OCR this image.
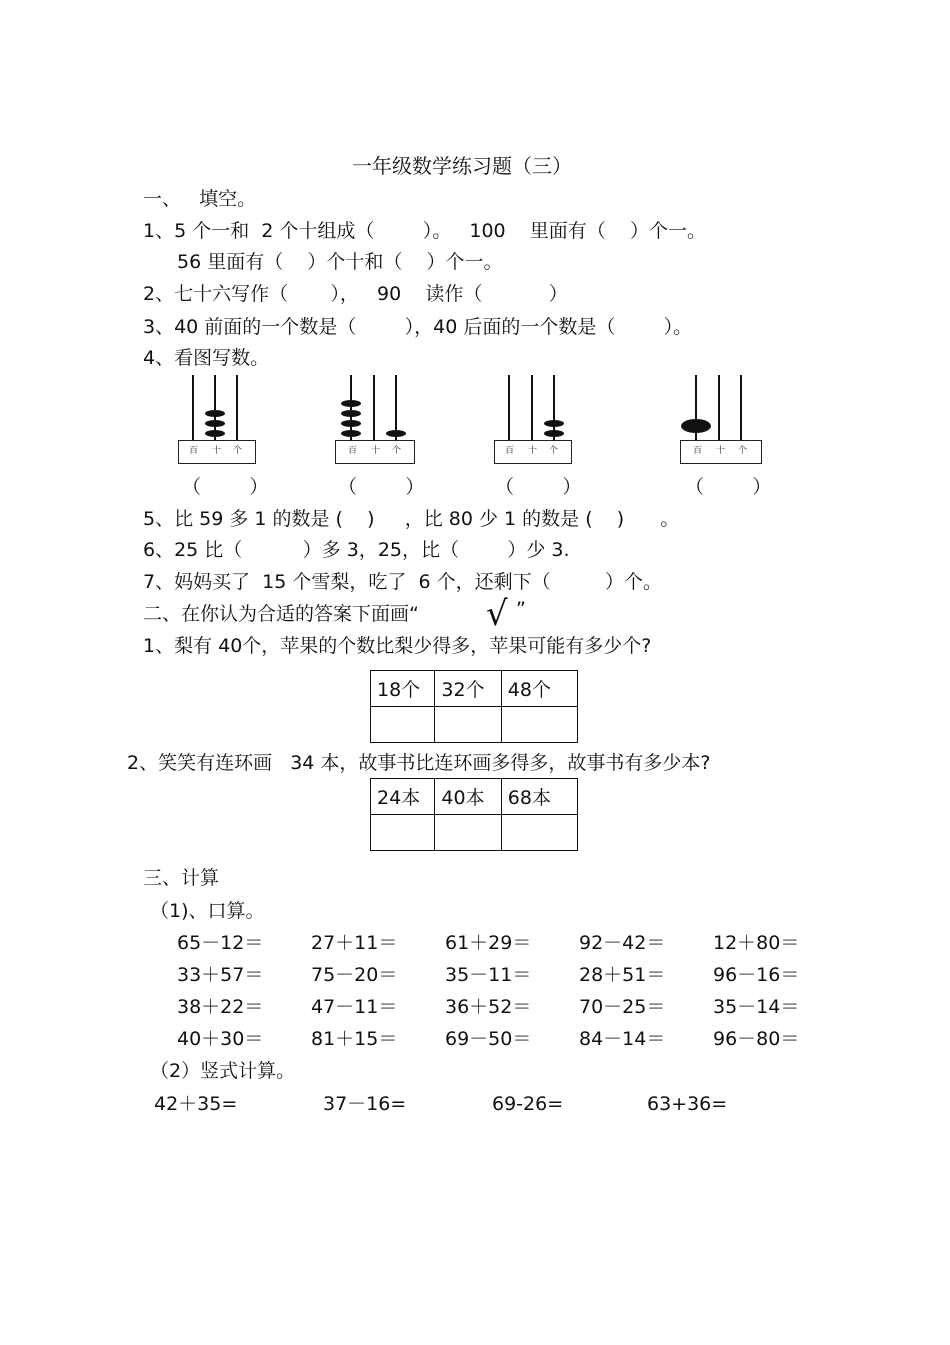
一年级数学练习题（三）
一、   填空。
1、5 个一和  2 个十组成（        ）。   100    里面有（    ）个一。
56 里面有（    ）个十和（    ）个一。
2、七十六写作（       ），   90    读作（           ）
3、40 前面的一个数是（        ），40 后面的一个数是（        ）。
4、看图写数。
百 十 个	百 十 个	百 十 个	百 十 个
（        ）	（        ）	（        ）	（        ）
5、比 59 多 1 的数是 (    )     ，比 80 少 1 的数是 (    )      。
6、25 比（          ）多 3，25，比（        ）少 3.
7、妈妈买了  15 个雪梨，吃了  6 个，还剩下（         ）个。
二、在你认为合适的答案下面画“ √ ”
1、梨有 40个，苹果的个数比梨少得多，苹果可能有多少个?
18个	32个	48个

2、笑笑有连环画   34 本，故事书比连环画多得多，故事书有多少本?
24本	40本	68本

三、计算
（1)、口算。
65－12＝	27＋11＝	61＋29＝	92－42＝	12＋80＝
33＋57＝	75－20＝	35－11＝	28＋51＝	96－16＝
38＋22＝	47－11＝	36＋52＝	70－25＝	35－14＝
40＋30＝	81＋15＝	69－50＝	84－14＝	96－80＝
（2）竖式计算。
42＋35=	37－16=	69-26=	63+36=
